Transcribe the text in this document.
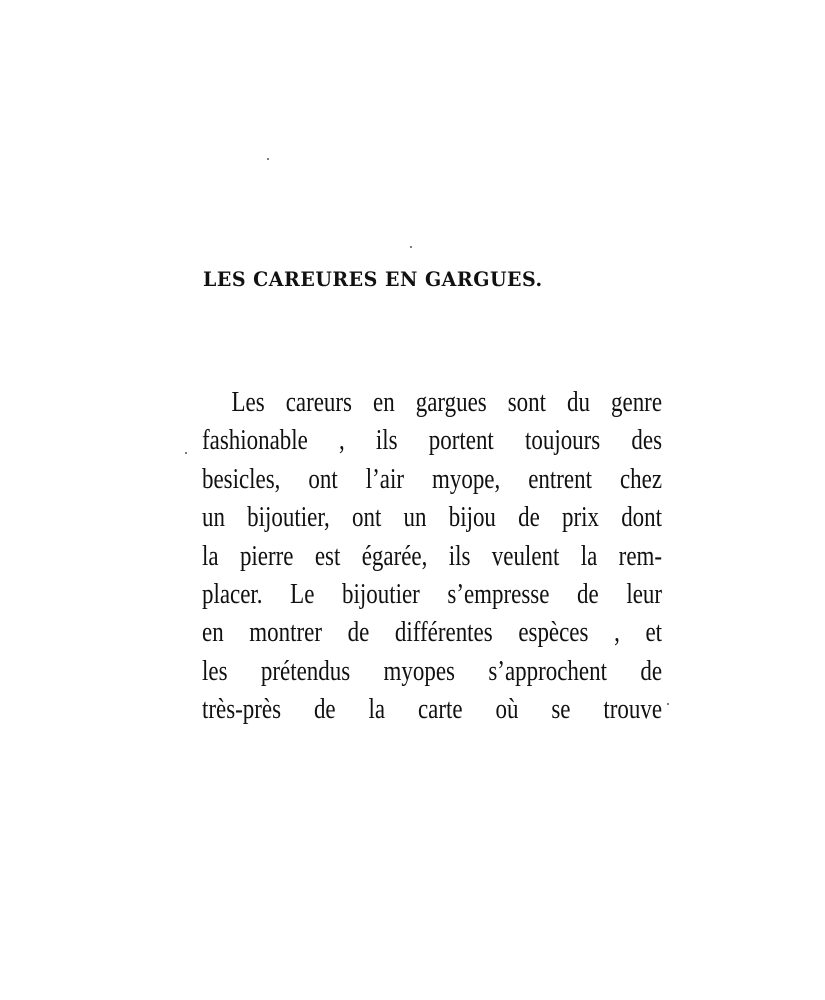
LES CAREURES EN GARGUES.
Les careurs en gargues sont du genre
fashionable , ils portent toujours des
besicles, ont l’air myope, entrent chez
un bijoutier, ont un bijou de prix dont
la pierre est égarée, ils veulent la rem-
placer. Le bijoutier s’empresse de leur
en montrer de différentes espèces , et
les prétendus myopes s’approchent de
très-près de la carte où se trouve
